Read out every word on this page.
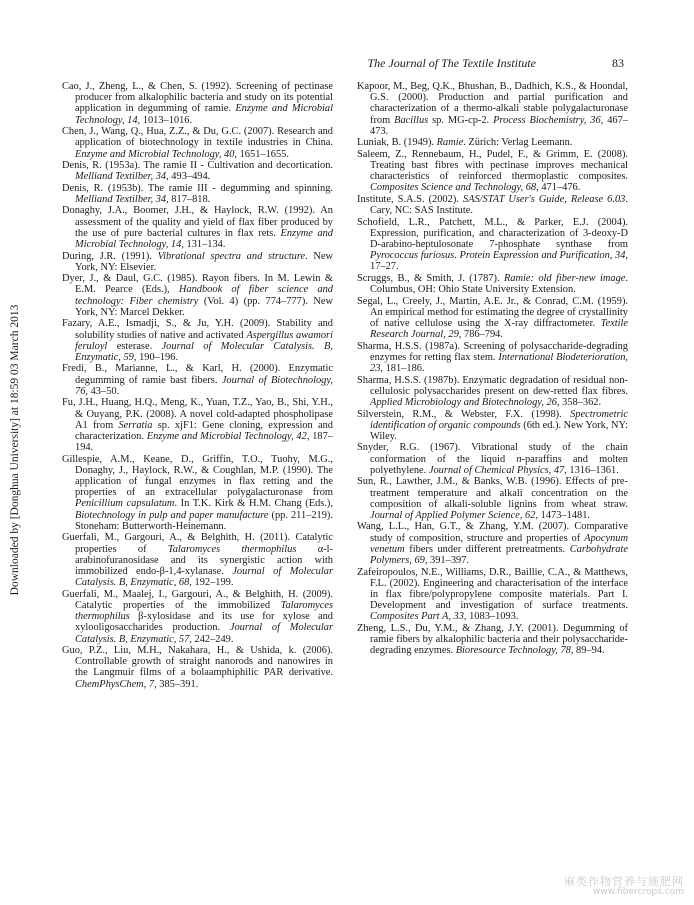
The Journal of The Textile Institute	83
Downloaded by [Donghua University] at 18:59 03 March 2013

Cao, J., Zheng, L., & Chen, S. (1992). Screening of pectinase producer from alkalophilic bacteria and study on its potential application in degumming of ramie. Enzyme and Microbial Technology, 14, 1013–1016.

Chen, J., Wang, Q., Hua, Z.Z., & Du, G.C. (2007). Research and application of biotechnology in textile industries in China. Enzyme and Microbial Technology, 40, 1651–1655.

Denis, R. (1953a). The ramie II - Cultivation and decortication. Melliand Textilber, 34, 493–494.

Denis, R. (1953b). The ramie III - degumming and spinning. Melliand Textilber, 34, 817–818.

Donaghy, J.A., Boomer, J.H., & Haylock, R.W. (1992). An assessment of the quality and yield of flax fiber produced by the use of pure bacterial cultures in flax rets. Enzyme and Microbial Technology, 14, 131–134.

During, J.R. (1991). Vibrational spectra and structure. New York, NY: Elsevier.

Dyer, J., & Daul, G.C. (1985). Rayon fibers. In M. Lewin & E.M. Pearce (Eds.), Handbook of fiber science and technology: Fiber chemistry (Vol. 4) (pp. 774–777). New York, NY: Marcel Dekker.

Fazary, A.E., Ismadji, S., & Ju, Y.H. (2009). Stability and solubility studies of native and activated Aspergillus awamori feruloyl esterase. Journal of Molecular Catalysis. B, Enzymatic, 59, 190–196.

Fredi, B., Marianne, L., & Karl, H. (2000). Enzymatic degumming of ramie bast fibers. Journal of Biotechnology, 76, 43–50.

Fu, J.H., Huang, H.Q., Meng, K., Yuan, T.Z., Yao, B., Shi, Y.H., & Ouyang, P.K. (2008). A novel cold-adapted phospholipase A1 from Serratia sp. xjF1: Gene cloning, expression and characterization. Enzyme and Microbial Technology, 42, 187–194.

Gillespie, A.M., Keane, D., Griffin, T.O., Tuohy, M.G., Donaghy, J., Haylock, R.W., & Coughlan, M.P. (1990). The application of fungal enzymes in flax retting and the properties of an extracellular polygalacturonase from Penicillium capsulatum. In T.K. Kirk & H.M. Chang (Eds.), Biotechnology in pulp and paper manufacture (pp. 211–219). Stoneham: Butterworth-Heinemann.

Guerfali, M., Gargouri, A., & Belghith, H. (2011). Catalytic properties of Talaromyces thermophilus α-l-arabinofuranosidase and its synergistic action with immobilized endo-β-1,4-xylanase. Journal of Molecular Catalysis. B, Enzymatic, 68, 192–199.

Guerfali, M., Maalej, I., Gargouri, A., & Belghith, H. (2009). Catalytic properties of the immobilized Talaromyces thermophilus β-xylosidase and its use for xylose and xylooligosaccharides production. Journal of Molecular Catalysis. B, Enzymatic, 57, 242–249.

Guo, P.Z., Liu, M.H., Nakahara, H., & Ushida, k. (2006). Controllable growth of straight nanorods and nanowires in the Langmuir films of a bolaamphiphilic PAR derivative. ChemPhysChem, 7, 385–391.

Kapoor, M., Beg, Q.K., Bhushan, B., Dadhich, K.S., & Hoondal, G.S. (2000). Production and partial purification and characterization of a thermo-alkali stable polygalacturonase from Bacillus sp. MG-cp-2. Process Biochemistry, 36, 467–473.

Luniak, B. (1949). Ramie. Zürich: Verlag Leemann.

Saleem, Z., Rennebaum, H., Pudel, F., & Grimm, E. (2008). Treating bast fibres with pectinase improves mechanical characteristics of reinforced thermoplastic composites. Composites Science and Technology, 68, 471–476.

Institute, S.A.S. (2002). SAS/STAT User's Guide, Release 6.03. Cary, NC: SAS Institute.

Schofield, L.R., Patchett, M.L., & Parker, E.J. (2004). Expression, purification, and characterization of 3-deoxy-D D-arabino-heptulosonate 7-phosphate synthase from Pyrococcus furiosus. Protein Expression and Purification, 34, 17–27.

Scruggs, B., & Smith, J. (1787). Ramie: old fiber-new image. Columbus, OH: Ohio State University Extension.

Segal, L., Creely, J., Martin, A.E. Jr., & Conrad, C.M. (1959). An empirical method for estimating the degree of crystallinity of native cellulose using the X-ray diffractometer. Textile Research Journal, 29, 786–794.

Sharma, H.S.S. (1987a). Screening of polysaccharide-degrading enzymes for retting flax stem. International Biodeterioration, 23, 181–186.

Sharma, H.S.S. (1987b). Enzymatic degradation of residual non-cellulosic polysaccharides present on dew-retted flax fibres. Applied Microbiology and Biotechnology, 26, 358–362.

Silverstein, R.M., & Webster, F.X. (1998). Spectrometric identification of organic compounds (6th ed.). New York, NY: Wiley.

Snyder, R.G. (1967). Vibrational study of the chain conformation of the liquid n-paraffins and molten polyethylene. Journal of Chemical Physics, 47, 1316–1361.

Sun, R., Lawther, J.M., & Banks, W.B. (1996). Effects of pre-treatment temperature and alkali concentration on the composition of alkali-soluble lignins from wheat straw. Journal of Applied Polymer Science, 62, 1473–1481.

Wang, L.L., Han, G.T., & Zhang, Y.M. (2007). Comparative study of composition, structure and properties of Apocynum venetum fibers under different pretreatments. Carbohydrate Polymers, 69, 391–397.

Zafeiropoulos, N.E., Williams, D.R., Baillie, C.A., & Matthews, F.L. (2002). Engineering and characterisation of the interface in flax fibre/polypropylene composite materials. Part I. Development and investigation of surface treatments. Composites Part A, 33, 1083–1093.

Zheng, L.S., Du, Y.M., & Zhang, J.Y. (2001). Degumming of ramie fibers by alkalophilic bacteria and their polysaccharide-degrading enzymes. Bioresource Technology, 78, 89–94.

麻类作物营养与施肥网
www.fibercrops.com
